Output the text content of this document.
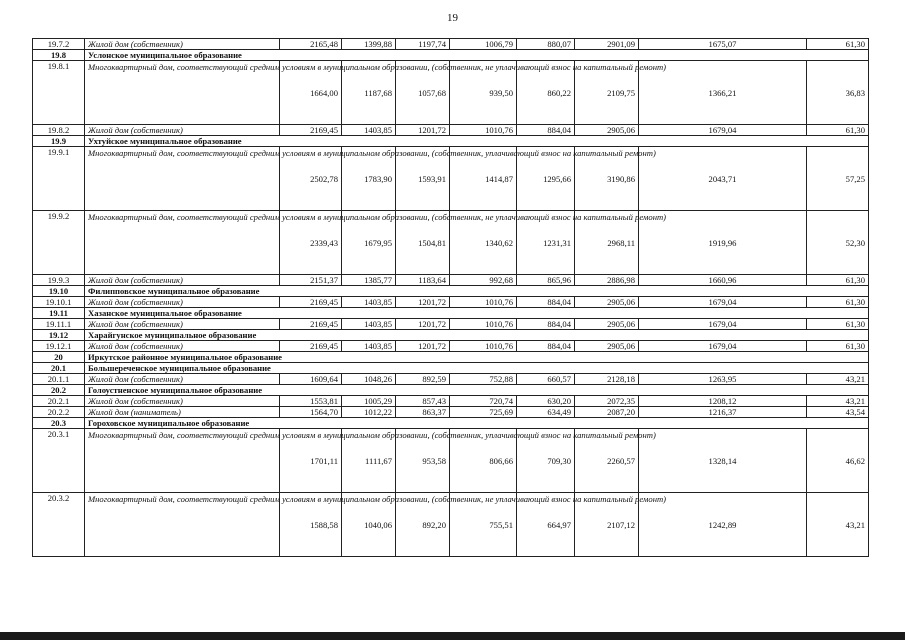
19
19.7.2	Жилой дом (собственник)	2165,48	1399,88	1197,74	1006,79	880,07	2901,09	1675,07	61,30
19.8	Услонское муниципальное образование								
19.8.1	Многоквартирный дом, соответствующий средним условиям в муниципальном образовании, (собственник, не уплачивающий взнос на капитальный ремонт)	1664,00	1187,68	1057,68	939,50	860,22	2109,75	1366,21	36,83
19.8.2	Жилой дом (собственник)	2169,45	1403,85	1201,72	1010,76	884,04	2905,06	1679,04	61,30
19.9	Ухтуйское муниципальное образование								
19.9.1	Многоквартирный дом, соответствующий средним условиям в муниципальном образовании, (собственник, уплачивающий взнос на капитальный ремонт)	2502,78	1783,90	1593,91	1414,87	1295,66	3190,86	2043,71	57,25
19.9.2	Многоквартирный дом, соответствующий средним условиям в муниципальном образовании, (собственник, не уплачивающий взнос на капитальный ремонт)	2339,43	1679,95	1504,81	1340,62	1231,31	2968,11	1919,96	52,30
19.9.3	Жилой дом (собственник)	2151,37	1385,77	1183,64	992,68	865,96	2886,98	1660,96	61,30
19.10	Филипповское муниципальное образование								
19.10.1	Жилой дом (собственник)	2169,45	1403,85	1201,72	1010,76	884,04	2905,06	1679,04	61,30
19.11	Хазанское муниципальное образование								
19.11.1	Жилой дом (собственник)	2169,45	1403,85	1201,72	1010,76	884,04	2905,06	1679,04	61,30
19.12	Харайгунское муниципальное образование								
19.12.1	Жилой дом (собственник)	2169,45	1403,85	1201,72	1010,76	884,04	2905,06	1679,04	61,30
20	Иркутское районное муниципальное образование								
20.1	Большереченское муниципальное образование								
20.1.1	Жилой дом (собственник)	1609,64	1048,26	892,59	752,88	660,57	2128,18	1263,95	43,21
20.2	Голоустненское муниципальное образование								
20.2.1	Жилой дом (собственник)	1553,81	1005,29	857,43	720,74	630,20	2072,35	1208,12	43,21
20.2.2	Жилой дом (наниматель)	1564,70	1012,22	863,37	725,69	634,49	2087,20	1216,37	43,54
20.3	Гороховское муниципальное образование								
20.3.1	Многоквартирный дом, соответствующий средним условиям в муниципальном образовании, (собственник, уплачивающий взнос на капитальный ремонт)	1701,11	1111,67	953,58	806,66	709,30	2260,57	1328,14	46,62
20.3.2	Многоквартирный дом, соответствующий средним условиям в муниципальном образовании, (собственник, не уплачивающий взнос на капитальный ремонт)	1588,58	1040,06	892,20	755,51	664,97	2107,12	1242,89	43,21
